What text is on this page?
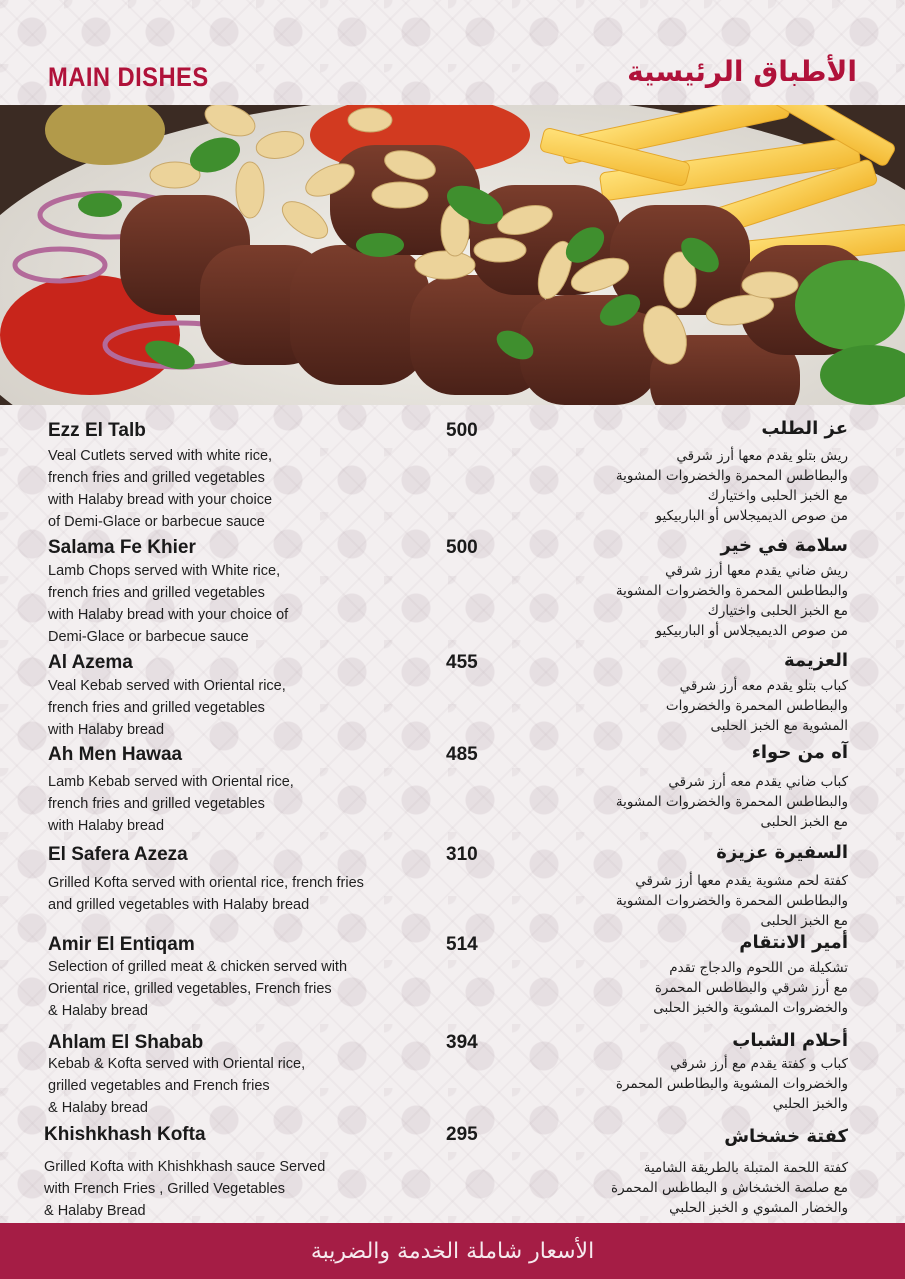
MAIN DISHES	الأطباق الرئيسية
Ezz El Talb	500
Veal Cutlets served with white rice,
french fries and grilled vegetables
with Halaby bread with your choice
of Demi-Glace or barbecue sauce
عز الطلب
ريش بتلو يقدم معها أرز شرقي
والبطاطس المحمرة والخضروات المشوية
مع الخبز الحلبى واختيارك
من صوص الديميجلاس أو الباربيكيو
Salama Fe Khier	500
Lamb Chops served with White rice,
french fries and grilled vegetables
with Halaby bread with your choice of
Demi-Glace or barbecue sauce
سلامة في خير
ريش ضاني يقدم معها أرز شرقي
والبطاطس المحمرة والخضروات المشوية
مع الخبز الحلبى واختيارك
من صوص الديميجلاس أو الباربيكيو
Al Azema	455
Veal Kebab served with Oriental rice,
french fries and grilled vegetables
with Halaby bread
العزيمة
كباب بتلو يقدم معه أرز شرقي
والبطاطس المحمرة والخضروات
المشوية مع الخبز الحلبى
Ah Men Hawaa	485
Lamb Kebab served with Oriental rice,
french fries and grilled vegetables
with Halaby bread
آه من حواء
كباب ضاني يقدم معه أرز شرقي
والبطاطس المحمرة والخضروات المشوية
مع الخبز الحلبى
El Safera Azeza	310
Grilled Kofta served with oriental rice, french fries
and grilled vegetables with Halaby bread
السفيرة عزيزة
كفتة لحم مشوية يقدم معها أرز شرقي
والبطاطس المحمرة والخضروات المشوية
مع الخبز الحلبى
Amir El Entiqam	514
Selection of grilled meat & chicken served with
Oriental rice, grilled vegetables, French fries
& Halaby bread
أمير الانتقام
تشكيلة من اللحوم والدجاج تقدم
مع أرز شرقي والبطاطس المحمرة
والخضروات المشوية والخبز الحلبى
Ahlam El Shabab	394
Kebab & Kofta served with Oriental rice,
grilled vegetables and French fries
& Halaby bread
أحلام الشباب
كباب و كفتة يقدم مع أرز شرقي
والخضروات المشوية والبطاطس المحمرة
والخبز الحلبي
Khishkhash Kofta	295
Grilled Kofta with Khishkhash sauce Served
with French Fries , Grilled Vegetables
& Halaby Bread
كفتة خشخاش
كفتة اللحمة المتبلة بالطريقة الشامية
مع صلصة الخشخاش و البطاطس المحمرة
والخضار المشوي و الخبز الحلبي
الأسعار شاملة الخدمة والضريبة
